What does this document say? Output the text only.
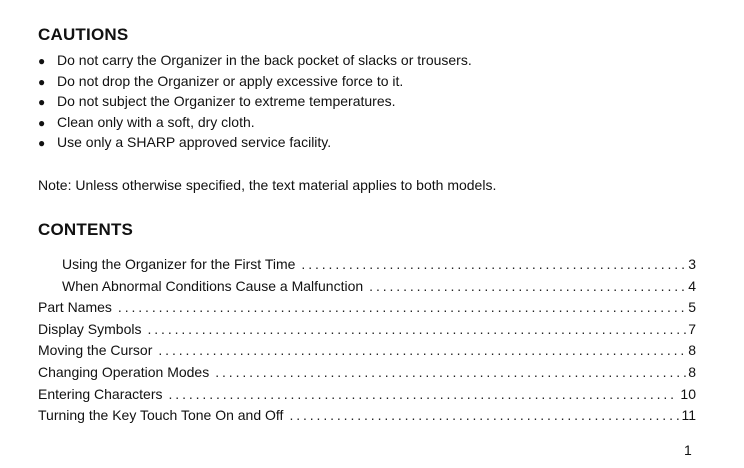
CAUTIONS
● Do not carry the Organizer in the back pocket of slacks or trousers.
● Do not drop the Organizer or apply excessive force to it.
● Do not subject the Organizer to extreme temperatures.
● Clean only with a soft, dry cloth.
● Use only a SHARP approved service facility.

Note: Unless otherwise specified, the text material applies to both models.

CONTENTS
Using the Organizer for the First Time . . .	3
When Abnormal Conditions Cause a Malfunction . . .	4
Part Names . . .	5
Display Symbols . . .	7
Moving the Cursor . . .	8
Changing Operation Modes . . .	8
Entering Characters . . .	10
Turning the Key Touch Tone On and Off . . .	11

1
